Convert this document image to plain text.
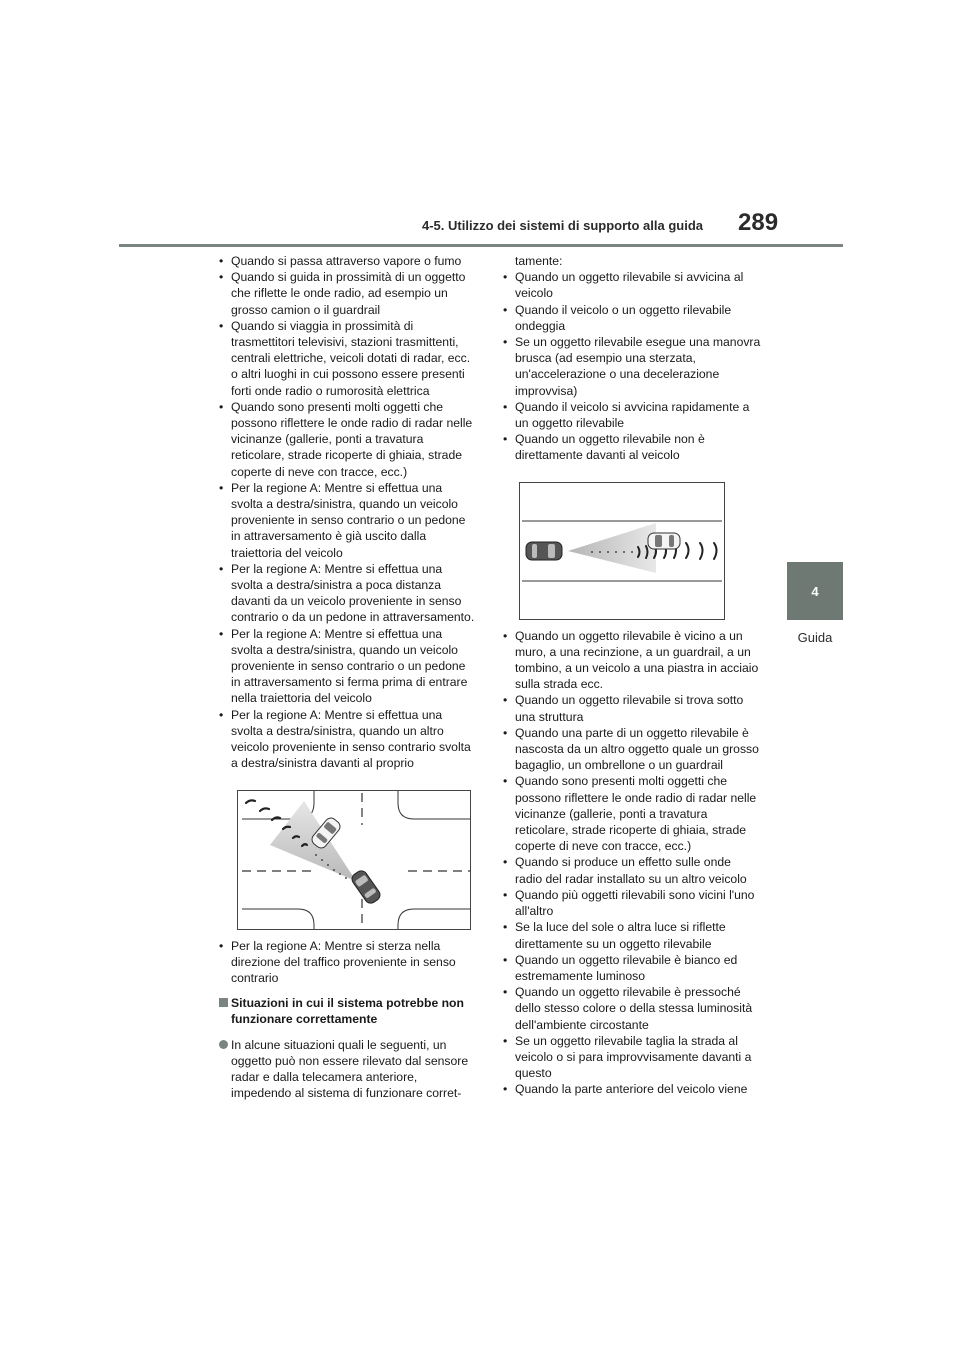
4-5. Utilizzo dei sistemi di supporto alla guida 289
4
Guida
• Quando si passa attraverso vapore o fumo
• Quando si guida in prossimità di un oggetto che riflette le onde radio, ad esempio un grosso camion o il guardrail
• Quando si viaggia in prossimità di trasmettitori televisivi, stazioni trasmittenti, centrali elettriche, veicoli dotati di radar, ecc. o altri luoghi in cui possono essere presenti forti onde radio o rumorosità elettrica
• Quando sono presenti molti oggetti che possono riflettere le onde radio di radar nelle vicinanze (gallerie, ponti a travatura reticolare, strade ricoperte di ghiaia, strade coperte di neve con tracce, ecc.)
• Per la regione A: Mentre si effettua una svolta a destra/sinistra, quando un veicolo proveniente in senso contrario o un pedone in attraversamento è già uscito dalla traiettoria del veicolo
• Per la regione A: Mentre si effettua una svolta a destra/sinistra a poca distanza davanti da un veicolo proveniente in senso contrario o da un pedone in attraversamento.
• Per la regione A: Mentre si effettua una svolta a destra/sinistra, quando un veicolo proveniente in senso contrario o un pedone in attraversamento si ferma prima di entrare nella traiettoria del veicolo
• Per la regione A: Mentre si effettua una svolta a destra/sinistra, quando un altro veicolo proveniente in senso contrario svolta a destra/sinistra davanti al proprio
• Per la regione A: Mentre si sterza nella direzione del traffico proveniente in senso contrario
Situazioni in cui il sistema potrebbe non funzionare correttamente
In alcune situazioni quali le seguenti, un oggetto può non essere rilevato dal sensore radar e dalla telecamera anteriore, impedendo al sistema di funzionare corret-
tamente:
• Quando un oggetto rilevabile si avvicina al veicolo
• Quando il veicolo o un oggetto rilevabile ondeggia
• Se un oggetto rilevabile esegue una manovra brusca (ad esempio una sterzata, un'accelerazione o una decelerazione improvvisa)
• Quando il veicolo si avvicina rapidamente a un oggetto rilevabile
• Quando un oggetto rilevabile non è direttamente davanti al veicolo
• Quando un oggetto rilevabile è vicino a un muro, a una recinzione, a un guardrail, a un tombino, a un veicolo a una piastra in acciaio sulla strada ecc.
• Quando un oggetto rilevabile si trova sotto una struttura
• Quando una parte di un oggetto rilevabile è nascosta da un altro oggetto quale un grosso bagaglio, un ombrellone o un guardrail
• Quando sono presenti molti oggetti che possono riflettere le onde radio di radar nelle vicinanze (gallerie, ponti a travatura reticolare, strade ricoperte di ghiaia, strade coperte di neve con tracce, ecc.)
• Quando si produce un effetto sulle onde radio del radar installato su un altro veicolo
• Quando più oggetti rilevabili sono vicini l'uno all'altro
• Se la luce del sole o altra luce si riflette direttamente su un oggetto rilevabile
• Quando un oggetto rilevabile è bianco ed estremamente luminoso
• Quando un oggetto rilevabile è pressoché dello stesso colore o della stessa luminosità dell'ambiente circostante
• Se un oggetto rilevabile taglia la strada al veicolo o si para improvvisamente davanti a questo
• Quando la parte anteriore del veicolo viene
